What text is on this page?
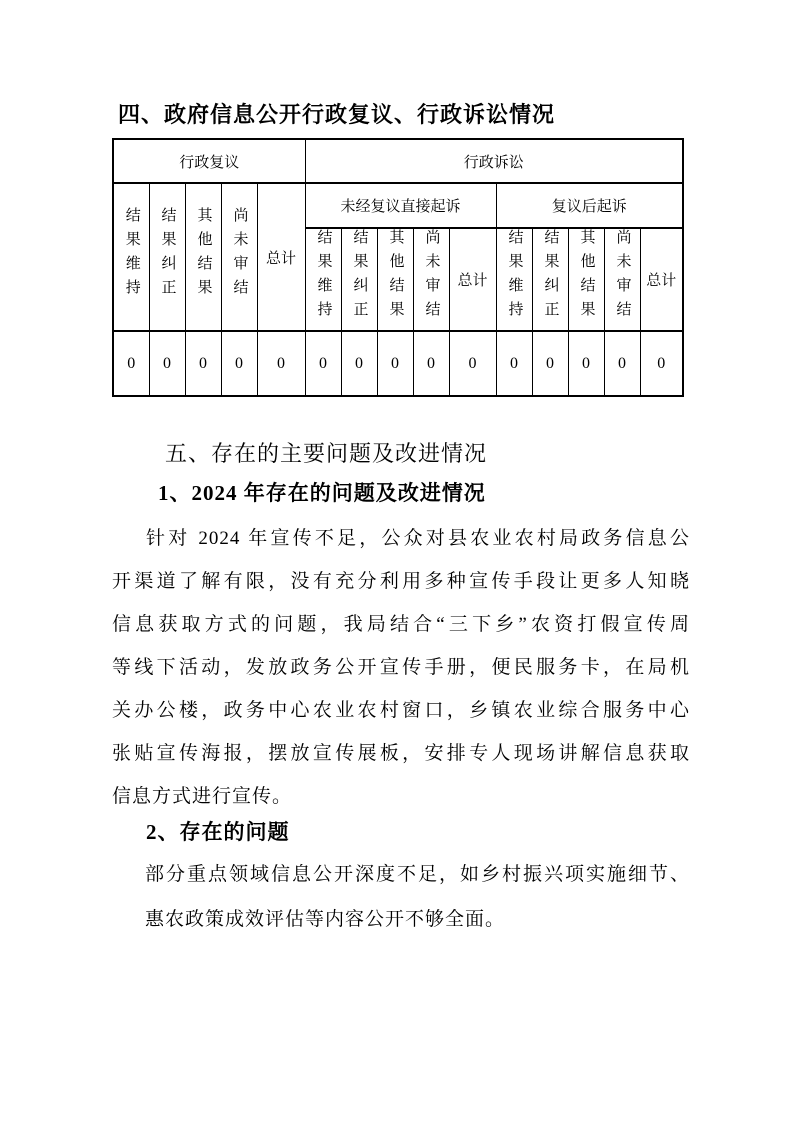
四、政府信息公开行政复议、行政诉讼情况
行政复议					行政诉讼									
结果维持	结果纠正	其他结果	尚未审结	总计	未经复议直接起诉					复议后起诉				
					结果维持	结果纠正	其他结果	尚未审结	总计	结果维持	结果纠正	其他结果	尚未审结	总计
0	0	0	0	0	0	0	0	0	0	0	0	0	0	0
五、存在的主要问题及改进情况
1、2024 年存在的问题及改进情况
针对 2024 年宣传不足，公众对县农业农村局政务信息公
开渠道了解有限，没有充分利用多种宣传手段让更多人知晓
信息获取方式的问题，我局结合“三下乡”农资打假宣传周
等线下活动，发放政务公开宣传手册，便民服务卡，在局机
关办公楼，政务中心农业农村窗口，乡镇农业综合服务中心
张贴宣传海报，摆放宣传展板，安排专人现场讲解信息获取
信息方式进行宣传。
2、存在的问题
部分重点领域信息公开深度不足，如乡村振兴项实施细节、
惠农政策成效评估等内容公开不够全面。
